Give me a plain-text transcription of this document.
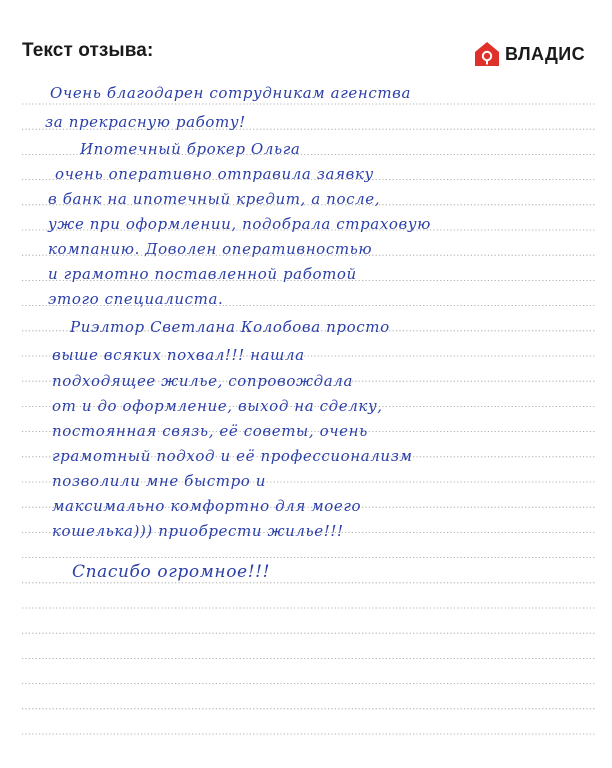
Текст отзыва:	ВЛАДИС
Очень благодарен сотрудникам агенства
за прекрасную работу!
Ипотечный брокер Ольга
очень оперативно отправила заявку
в банк на ипотечный кредит, а после,
уже при оформлении, подобрала страховую
компанию. Доволен оперативностью
и грамотно поставленной работой
этого специалиста.
Риэлтор Светлана Колобова просто
выше всяких похвал!!! нашла
подходящее жилье, сопровождала
от и до оформление, выход на сделку,
постоянная связь, её советы, очень
грамотный подход и её профессионализм
позволили мне быстро и
максимально комфортно для моего
кошелька))) приобрести жилье!!!
Спасибо огромное!!!
